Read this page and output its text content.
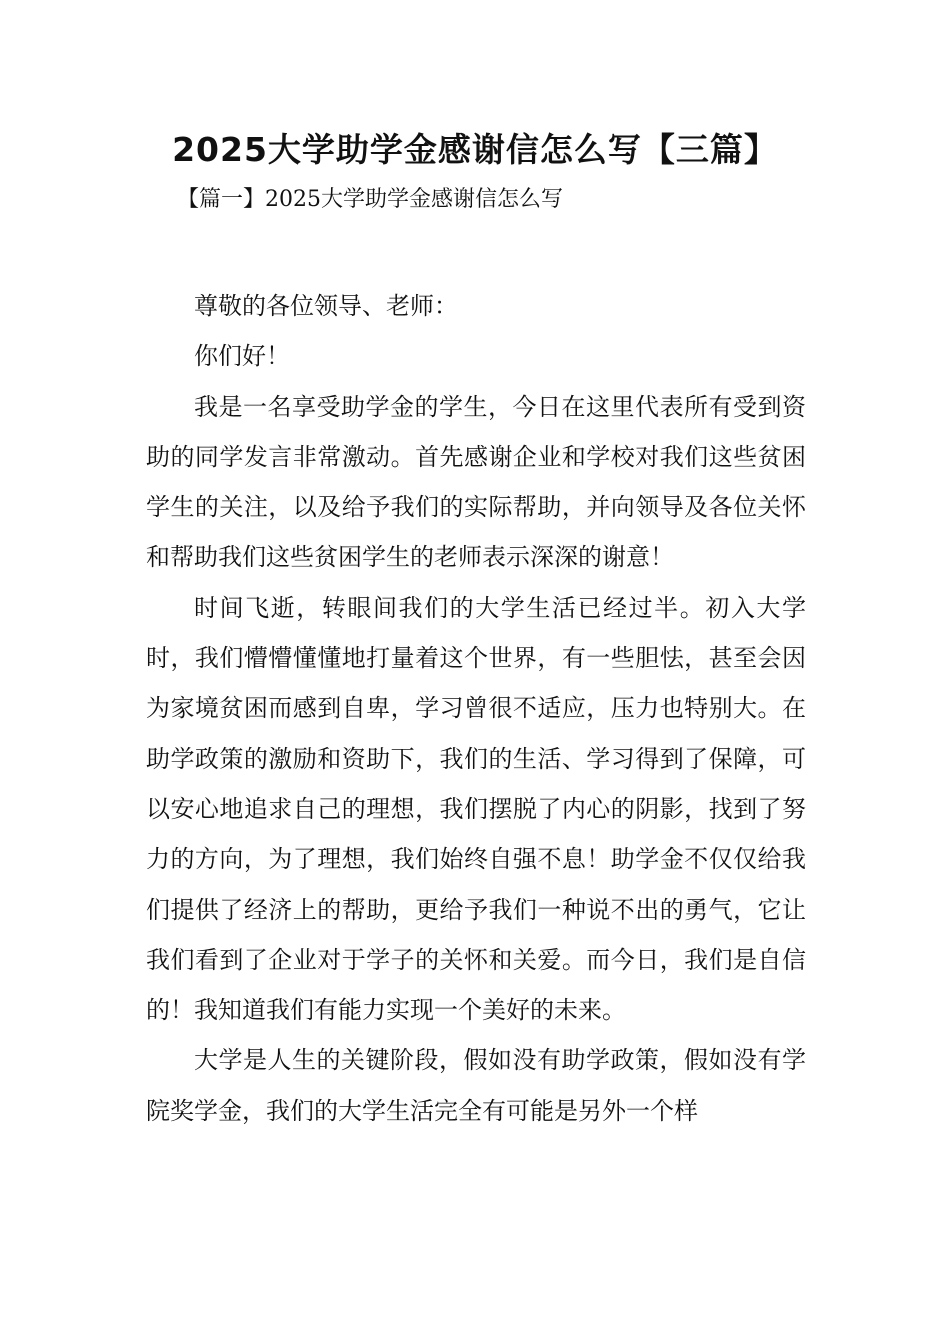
2025大学助学金感谢信怎么写【三篇】
【篇一】2025大学助学金感谢信怎么写

尊敬的各位领导、老师：

你们好！

我是一名享受助学金的学生，今日在这里代表所有受到资助的同学发言非常激动。首先感谢企业和学校对我们这些贫困学生的关注，以及给予我们的实际帮助，并向领导及各位关怀和帮助我们这些贫困学生的老师表示深深的谢意！

时间飞逝，转眼间我们的大学生活已经过半。初入大学时，我们懵懵懂懂地打量着这个世界，有一些胆怯，甚至会因为家境贫困而感到自卑，学习曾很不适应，压力也特别大。在助学政策的激励和资助下，我们的生活、学习得到了保障，可以安心地追求自己的理想，我们摆脱了内心的阴影，找到了努力的方向，为了理想，我们始终自强不息！助学金不仅仅给我们提供了经济上的帮助，更给予我们一种说不出的勇气，它让我们看到了企业对于学子的关怀和关爱。而今日，我们是自信的！我知道我们有能力实现一个美好的未来。

大学是人生的关键阶段，假如没有助学政策，假如没有学院奖学金，我们的大学生活完全有可能是另外一个样
